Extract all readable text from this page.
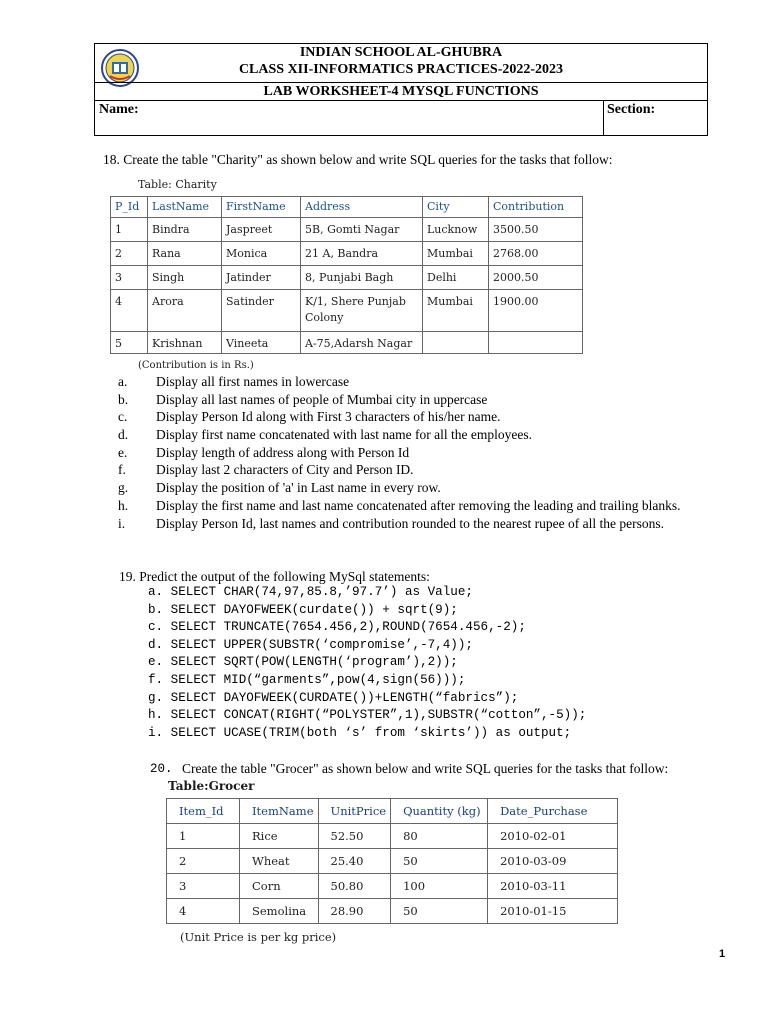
INDIAN SCHOOL AL-GHUBRA
CLASS XII-INFORMATICS PRACTICES-2022-2023
LAB WORKSHEET-4 MYSQL FUNCTIONS
Name:	Section:
18. Create the table "Charity" as shown below and write SQL queries for the tasks that follow:
Table: Charity
P_Id	LastName	FirstName	Address	City	Contribution
1	Bindra	Jaspreet	5B, Gomti Nagar	Lucknow	3500.50
2	Rana	Monica	21 A, Bandra	Mumbai	2768.00
3	Singh	Jatinder	8, Punjabi Bagh	Delhi	2000.50
4	Arora	Satinder	K/1, Shere Punjab Colony	Mumbai	1900.00
5	Krishnan	Vineeta	A-75,Adarsh Nagar		
(Contribution is in Rs.)
a.	Display all first names in lowercase
b.	Display all last names of people of Mumbai city in uppercase
c.	Display Person Id along with First 3 characters of his/her name.
d.	Display first name concatenated with last name for all the employees.
e.	Display length of address along with Person Id
f.	Display last 2 characters of City and Person ID.
g.	Display the position of 'a' in Last name in every row.
h.	Display the first name and last name concatenated after removing the leading and trailing blanks.
i.	Display Person Id, last names and contribution rounded to the nearest rupee of all the persons.
19. Predict the output of the following MySql statements:
a. SELECT CHAR(74,97,85.8,’97.7’) as Value;
b. SELECT DAYOFWEEK(curdate()) + sqrt(9);
c. SELECT TRUNCATE(7654.456,2),ROUND(7654.456,-2);
d. SELECT UPPER(SUBSTR(‘compromise’,-7,4));
e. SELECT SQRT(POW(LENGTH(‘program’),2));
f. SELECT MID(“garments”,pow(4,sign(56)));
g. SELECT DAYOFWEEK(CURDATE())+LENGTH(“fabrics”);
h. SELECT CONCAT(RIGHT(“POLYSTER”,1),SUBSTR(“cotton”,-5));
i. SELECT UCASE(TRIM(both ‘s’ from ‘skirts’)) as output;
20. Create the table "Grocer" as shown below and write SQL queries for the tasks that follow:
Table:Grocer
Item_Id	ItemName	UnitPrice	Quantity (kg)	Date_Purchase
1	Rice	52.50	80	2010-02-01
2	Wheat	25.40	50	2010-03-09
3	Corn	50.80	100	2010-03-11
4	Semolina	28.90	50	2010-01-15
(Unit Price is per kg price)
1
